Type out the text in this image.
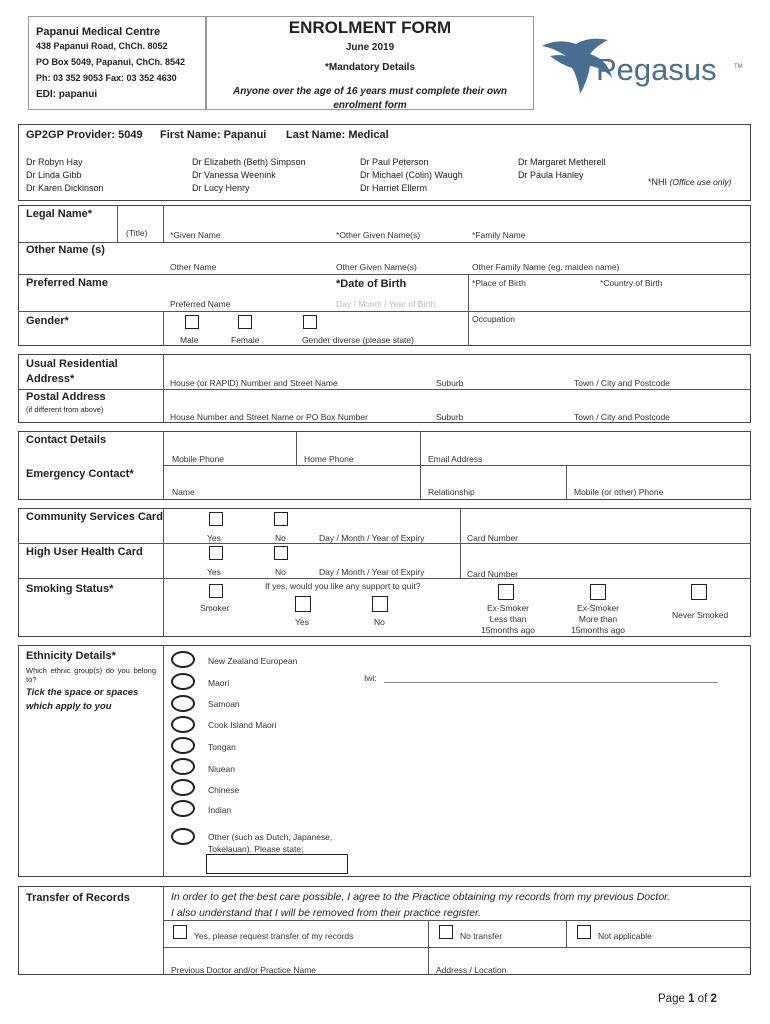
Papanui Medical Centre
438 Papanui Road, ChCh. 8052
PO Box 5049, Papanui, ChCh. 8542
Ph: 03 352 9053 Fax: 03 352 4630
EDI: papanui
ENROLMENT FORM
June 2019
*Mandatory Details
Anyone over the age of 16 years must complete their own
enrolment form
Pegasus	TM
GP2GP Provider: 5049 First Name: Papanui Last Name: Medical
Dr Robyn Hay
Dr Linda Gibb
Dr Karen Dickinson
Dr Elizabeth (Beth) Simpson
Dr Vanessa Weenink
Dr Lucy Henry
Dr Paul Peterson
Dr Michael (Colin) Waugh
Dr Harriet Ellerm
Dr Margaret Metherell
Dr Paula Hanley
*NHI (Office use only)
Legal Name*
(Title)	*Given Name	*Other Given Name(s)	*Family Name
Other Name (s)
Other Name	Other Given Name(s)	Other Family Name (eg. maiden name)
Preferred Name
Preferred Name
*Date of Birth
Day / Month / Year of Birth
*Place of Birth	*Country of Birth
Gender*
Male	Female	Gender diverse (please state)
Occupation
Usual Residential
Address*	House (or RAPID) Number and Street Name	Suburb	Town / City and Postcode
Postal Address
(if different from above)
House Number and Street Name or PO Box Number	Suburb	Town / City and Postcode
Contact Details
Mobile Phone	Home Phone	Email Address
Emergency Contact*
Name	Relationship	Mobile (or other) Phone
Community Services Card
Yes	No	Day / Month / Year of Expiry	Card Number
High User Health Card
Yes	No	Day / Month / Year of Expiry	Card Number
Smoking Status*
Smoker
If yes, would you like any support to quit?
Yes	No
Ex-Smoker
Less than
15months ago
Ex-Smoker
More than
15months ago
Never Smoked
Ethnicity Details*
Which ethnic group(s) do you belong to?
Tick the space or spaces
which apply to you
New Zealand European
Maori
Samoan
Cook Island Maori
Tongan
Niuean
Chinese
Indian
Other (such as Dutch, Japanese,
Tokelauan). Please state;
Iwi:
Transfer of Records	In order to get the best care possible, I agree to the Practice obtaining my records from my previous Doctor.
I also understand that I will be removed from their practice register.
Yes, please request transfer of my records	No transfer	Not applicable
Previous Doctor and/or Practice Name	Address / Location
Page 1 of 2
